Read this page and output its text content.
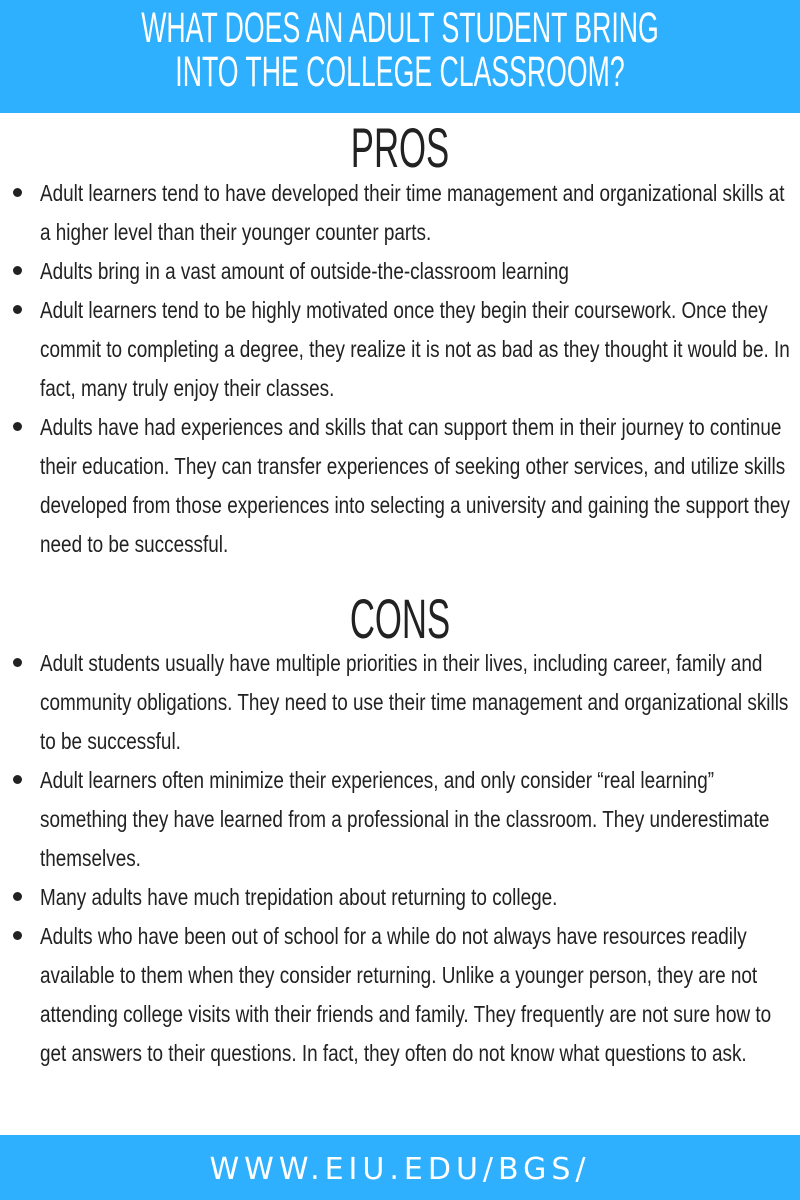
WHAT DOES AN ADULT STUDENT BRING
INTO THE COLLEGE CLASSROOM?
PROS
Adult learners tend to have developed their time management and organizational skills at a higher level than their younger counter parts.
Adults bring in a vast amount of outside-the-classroom learning
Adult learners tend to be highly motivated once they begin their coursework. Once they commit to completing a degree, they realize it is not as bad as they thought it would be. In fact, many truly enjoy their classes.
Adults have had experiences and skills that can support them in their journey to continue their education. They can transfer experiences of seeking other services, and utilize skills developed from those experiences into selecting a university and gaining the support they need to be successful.
CONS
Adult students usually have multiple priorities in their lives, including career, family and community obligations. They need to use their time management and organizational skills to be successful.
Adult learners often minimize their experiences, and only consider “real learning” something they have learned from a professional in the classroom. They underestimate themselves.
Many adults have much trepidation about returning to college.
Adults who have been out of school for a while do not always have resources readily available to them when they consider returning. Unlike a younger person, they are not attending college visits with their friends and family. They frequently are not sure how to get answers to their questions. In fact, they often do not know what questions to ask.
WWW.EIU.EDU/BGS/
